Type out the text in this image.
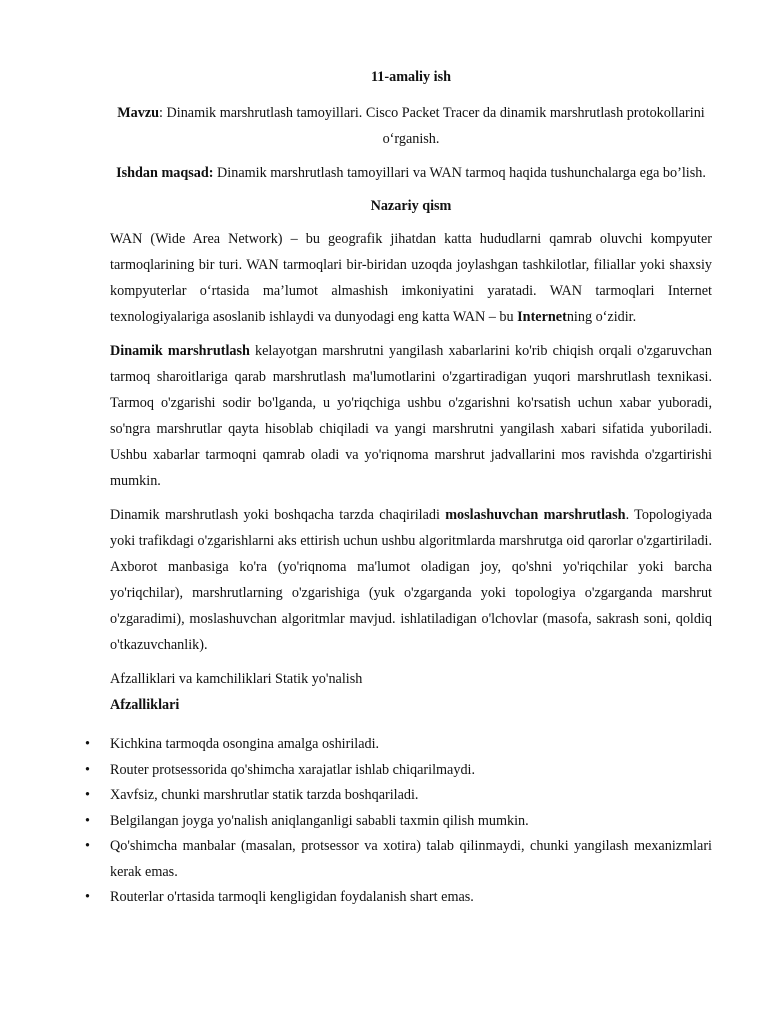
11-amaliy ish

Mavzu: Dinamik marshrutlash tamoyillari. Cisco Packet Tracer da dinamik marshrutlash protokollarini o‘rganish.

Ishdan maqsad: Dinamik marshrutlash tamoyillari va WAN tarmoq haqida tushunchalarga ega bo’lish.

Nazariy qism

WAN (Wide Area Network) – bu geografik jihatdan katta hududlarni qamrab oluvchi kompyuter tarmoqlarining bir turi. WAN tarmoqlari bir-biridan uzoqda joylashgan tashkilotlar, filiallar yoki shaxsiy kompyuterlar o‘rtasida ma’lumot almashish imkoniyatini yaratadi. WAN tarmoqlari Internet texnologiyalariga asoslanib ishlaydi va dunyodagi eng katta WAN – bu Internetning o‘zidir.

Dinamik marshrutlash kelayotgan marshrutni yangilash xabarlarini ko'rib chiqish orqali o'zgaruvchan tarmoq sharoitlariga qarab marshrutlash ma'lumotlarini o'zgartiradigan yuqori marshrutlash texnikasi. Tarmoq o'zgarishi sodir bo'lganda, u yo'riqchiga ushbu o'zgarishni ko'rsatish uchun xabar yuboradi, so'ngra marshrutlar qayta hisoblab chiqiladi va yangi marshrutni yangilash xabari sifatida yuboriladi. Ushbu xabarlar tarmoqni qamrab oladi va yo'riqnoma marshrut jadvallarini mos ravishda o'zgartirishi mumkin.

Dinamik marshrutlash yoki boshqacha tarzda chaqiriladi moslashuvchan marshrutlash. Topologiyada yoki trafikdagi o'zgarishlarni aks ettirish uchun ushbu algoritmlarda marshrutga oid qarorlar o'zgartiriladi. Axborot manbasiga ko'ra (yo'riqnoma ma'lumot oladigan joy, qo'shni yo'riqchilar yoki barcha yo'riqchilar), marshrutlarning o'zgarishiga (yuk o'zgarganda yoki topologiya o'zgarganda marshrut o'zgaradimi), moslashuvchan algoritmlar mavjud. ishlatiladigan o'lchovlar (masofa, sakrash soni, qoldiq o'tkazuvchanlik).

Afzalliklari va kamchiliklari Statik yo'nalish

Afzalliklari

• Kichkina tarmoqda osongina amalga oshiriladi.
• Router protsessorida qo'shimcha xarajatlar ishlab chiqarilmaydi.
• Xavfsiz, chunki marshrutlar statik tarzda boshqariladi.
• Belgilangan joyga yo'nalish aniqlanganligi sababli taxmin qilish mumkin.
• Qo'shimcha manbalar (masalan, protsessor va xotira) talab qilinmaydi, chunki yangilash mexanizmlari kerak emas.
• Routerlar o'rtasida tarmoqli kengligidan foydalanish shart emas.
